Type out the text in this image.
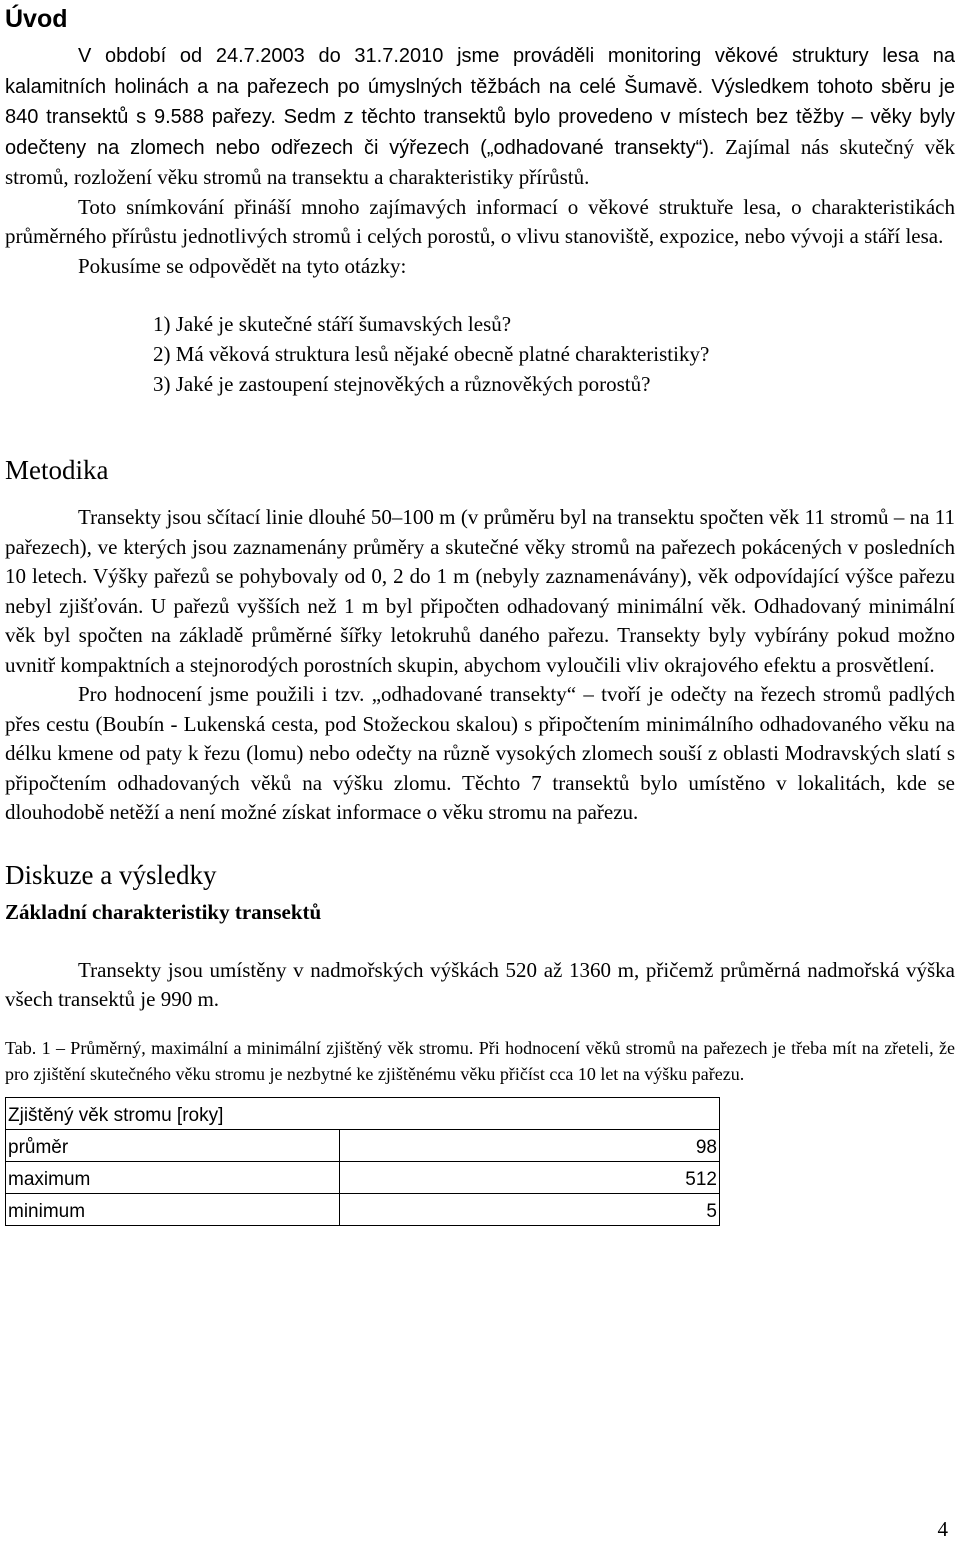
Úvod

V období od 24.7.2003 do 31.7.2010 jsme prováděli monitoring věkové struktury lesa na kalamitních holinách a na pařezech po úmyslných těžbách na celé Šumavě. Výsledkem tohoto sběru je 840 transektů s 9.588 pařezy. Sedm z těchto transektů bylo provedeno v místech bez těžby – věky byly odečteny na zlomech nebo odřezech či výřezech („odhadované transekty“). Zajímal nás skutečný věk stromů, rozložení věku stromů na transektu a charakteristiky přírůstů.

Toto snímkování přináší mnoho zajímavých informací o věkové struktuře lesa, o charakteristikách průměrného přírůstu jednotlivých stromů i celých porostů, o vlivu stanoviště, expozice, nebo vývoji a stáří lesa.

Pokusíme se odpovědět na tyto otázky:

1) Jaké je skutečné stáří šumavských lesů?
2) Má věková struktura lesů nějaké obecně platné charakteristiky?
3) Jaké je zastoupení stejnověkých a různověkých porostů?
Metodika

Transekty jsou sčítací linie dlouhé 50–100 m (v průměru byl na transektu spočten věk 11 stromů – na 11 pařezech), ve kterých jsou zaznamenány průměry a skutečné věky stromů na pařezech pokácených v posledních 10 letech. Výšky pařezů se pohybovaly od 0, 2 do 1 m (nebyly zaznamenávány), věk odpovídající výšce pařezu nebyl zjišťován. U pařezů vyšších než 1 m byl připočten odhadovaný minimální věk. Odhadovaný minimální věk byl spočten na základě průměrné šířky letokruhů daného pařezu. Transekty byly vybírány pokud možno uvnitř kompaktních a stejnorodých porostních skupin, abychom vyloučili vliv okrajového efektu a prosvětlení.

Pro hodnocení jsme použili i tzv. „odhadované transekty“ – tvoří je odečty na řezech stromů padlých přes cestu (Boubín - Lukenská cesta, pod Stožeckou skalou) s připočtením minimálního odhadovaného věku na délku kmene od paty k řezu (lomu) nebo odečty na různě vysokých zlomech souší z oblasti Modravských slatí s připočtením odhadovaných věků na výšku zlomu. Těchto 7 transektů bylo umístěno v lokalitách, kde se dlouhodobě netěží a není možné získat informace o věku stromu na pařezu.

Diskuze a výsledky
Základní charakteristiky transektů

Transekty jsou umístěny v nadmořských výškách 520 až 1360 m, přičemž průměrná nadmořská výška všech transektů je 990 m.

Tab. 1 – Průměrný, maximální a minimální zjištěný věk stromu. Při hodnocení věků stromů na pařezech je třeba mít na zřeteli, že pro zjištění skutečného věku stromu je nezbytné ke zjištěnému věku přičíst cca 10 let na výšku pařezu.

Zjištěný věk stromu [roky]	
průměr	98
maximum	512
minimum	5
4
